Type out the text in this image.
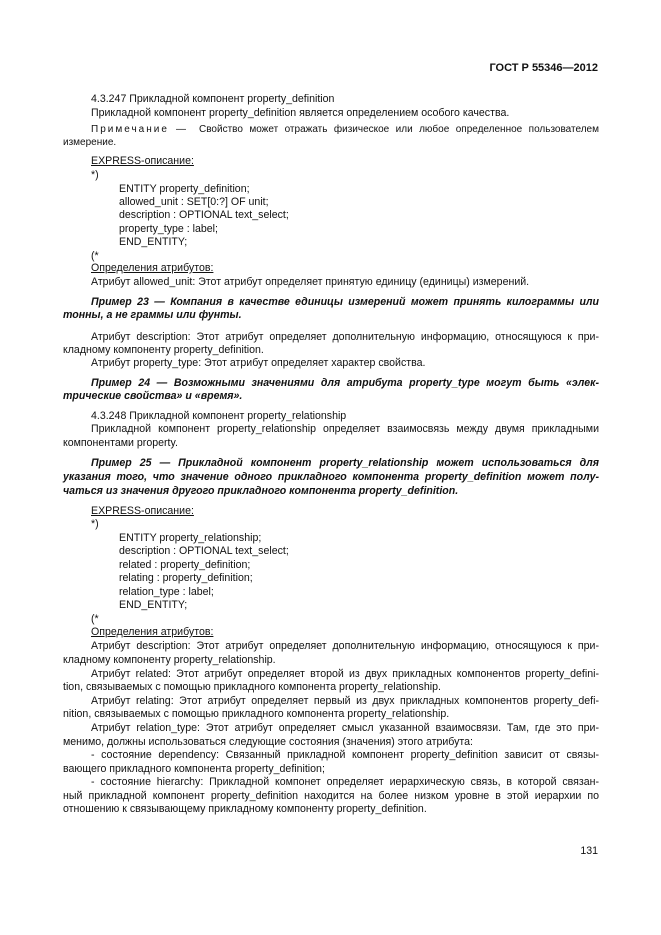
ГОСТ Р 55346—2012
4.3.247 Прикладной компонент property_definition
Прикладной компонент property_definition является определением особого качества.
Примечание — Свойство может отражать физическое или любое определенное пользователем
измерение.
EXPRESS-описание:
*)
ENTITY property_definition;
allowed_unit : SET[0:?] OF unit;
description : OPTIONAL text_select;
property_type : label;
END_ENTITY;
(*
Определения атрибутов:
Атрибут allowed_unit: Этот атрибут определяет принятую единицу (единицы) измерений.
Пример 23 — Компания в качестве единицы измерений может принять килограммы или
тонны, а не граммы или фунты.
Атрибут description: Этот атрибут определяет дополнительную информацию, относящуюся к при-
кладному компоненту property_definition.
Атрибут property_type: Этот атрибут определяет характер свойства.
Пример 24 — Возможными значениями для атрибута property_type могут быть «элек-
трические свойства» и «время».
4.3.248 Прикладной компонент property_relationship
Прикладной компонент property_relationship определяет взаимосвязь между двумя прикладными
компонентами property.
Пример 25 — Прикладной компонент property_relationship может использоваться для
указания того, что значение одного прикладного компонента property_definition может полу-
чаться из значения другого прикладного компонента property_definition.
EXPRESS-описание:
*)
ENTITY property_relationship;
description : OPTIONAL text_select;
related : property_definition;
relating : property_definition;
relation_type : label;
END_ENTITY;
(*
Определения атрибутов:
Атрибут description: Этот атрибут определяет дополнительную информацию, относящуюся к при-
кладному компоненту property_relationship.
Атрибут related: Этот атрибут определяет второй из двух прикладных компонентов property_defini-
tion, связываемых с помощью прикладного компонента property_relationship.
Атрибут relating: Этот атрибут определяет первый из двух прикладных компонентов property_defi-
nition, связываемых с помощью прикладного компонента property_relationship.
Атрибут relation_type: Этот атрибут определяет смысл указанной взаимосвязи. Там, где это при-
менимо, должны использоваться следующие состояния (значения) этого атрибута:
- состояние dependency: Связанный прикладной компонент property_definition зависит от связы-
вающего прикладного компонента property_definition;
- состояние hierarchy: Прикладной компонет определяет иерархическую связь, в которой связан-
ный прикладной компонент property_definition находится на более низком уровне в этой иерархии по
отношению к связывающему прикладному компоненту property_definition.
131
